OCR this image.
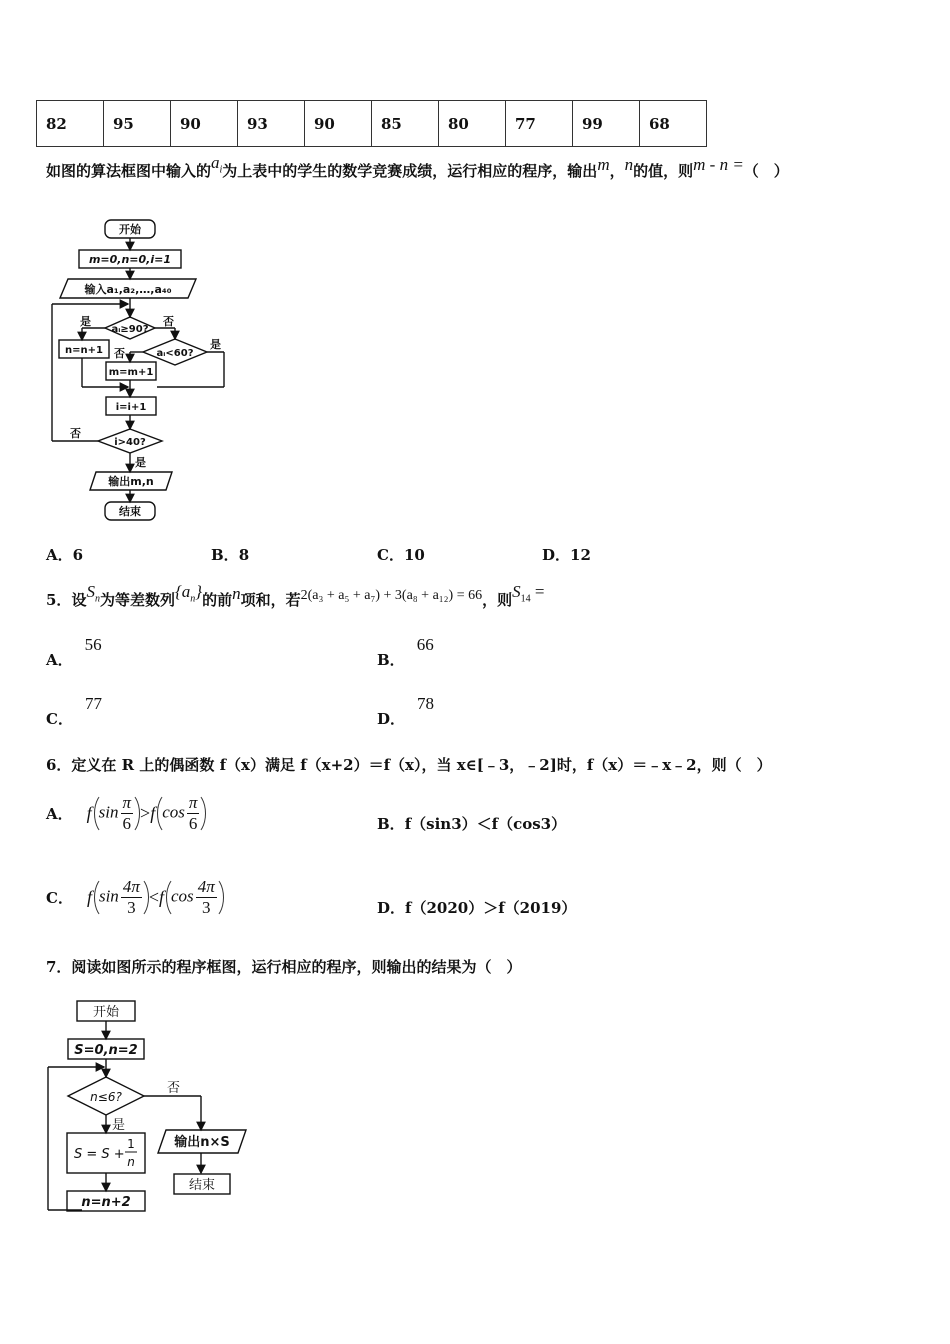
82	95	90	93	90	85	80	77	99	68
如图的算法框图中输入的$a_i$为上表中的学生的数学竞赛成绩，运行相应的程序，输出m，n的值，则m - n =（　）
开始
m=0,n=0,i=1
输入a₁,a₂,…,a₄₀
aᵢ≥90?
是	否
n=n+1	aᵢ<60?
否
是
m=m+1
i=i+1
i>40?
否
是
输出m,n
结束
A．6	B．8	C．10	D．12
5．设$S_n$为等差数列$\{a_n\}$的前n项和，若2(a₃ + a₅ + a₇) + 3(a₈ + a₁₂) = 66，则$S_{14}$ =
A．56
B．66
C．77
D．78
6．定义在 R 上的偶函数 f（x）满足 f（x+2）＝f（x），当 x∈[﹣3，﹣2]时，f（x）＝﹣x﹣2，则（　）
A． f $\sin \frac{\pi}{6} > f$ $\cos \frac{\pi}{6}$	B．f（sin3）＜f（cos3）
C． f $\sin \frac{4\pi}{3} < f$ $\cos \frac{4\pi}{3}$	D．f（2020）＞f（2019）
7．阅读如图所示的程序框图，运行相应的程序，则输出的结果为（　）
开始
S=0,n=2
n≤6?
否
是
S = S +
1
n
n=n+2
输出n×S
结束
